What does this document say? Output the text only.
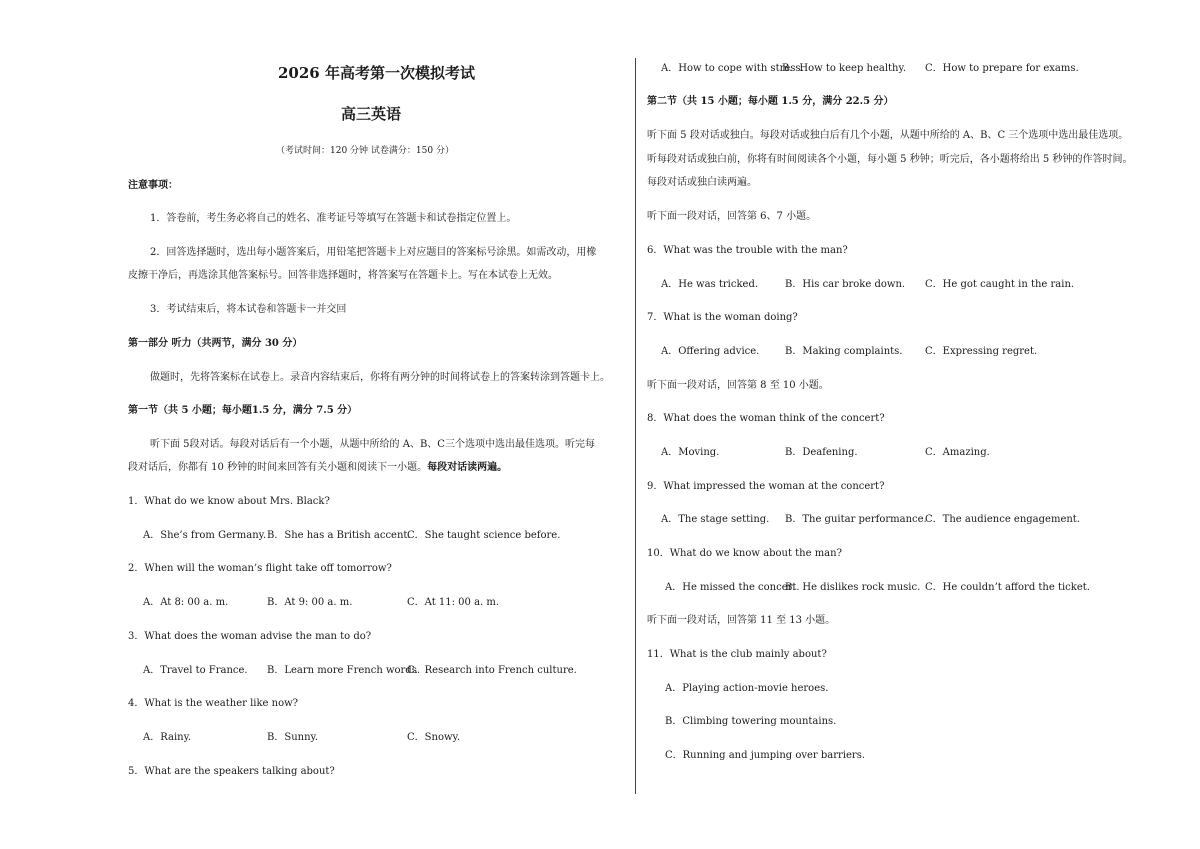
2026 年高考第一次模拟考试
高三英语
（考试时间：120 分钟 试卷满分：150 分）
注意事项：
1．答卷前，考生务必将自己的姓名、准考证号等填写在答题卡和试卷指定位置上。
2．回答选择题时，选出每小题答案后，用铅笔把答题卡上对应题目的答案标号涂黑。如需改动，用橡
皮擦干净后，再选涂其他答案标号。回答非选择题时，将答案写在答题卡上。写在本试卷上无效。
3．考试结束后，将本试卷和答题卡一并交回
第一部分 听力（共两节，满分 30 分）
做题时，先将答案标在试卷上。录音内容结束后，你将有两分钟的时间将试卷上的答案转涂到答题卡上。
第一节（共 5 小题；每小题1.5 分，满分 7.5 分）
听下面 5段对话。每段对话后有一个小题，从题中所给的 A、B、C三个选项中选出最佳选项。听完每
段对话后，你都有 10 秒钟的时间来回答有关小题和阅读下一小题。每段对话读两遍。
1．What do we know about Mrs. Black?
A．She’s from Germany. B．She has a British accent.
C．She taught science before.
2．When will the woman’s flight take off tomorrow?
A．At 8: 00 a. m.	B．At 9: 00 a. m.	C．At 11: 00 a. m.
3．What does the woman advise the man to do?
A．Travel to France. B．Learn more French words.
C．Research into French culture.
4．What is the weather like now?
A．Rainy.	B．Sunny.	C．Snowy.
5．What are the speakers talking about?
A．How to cope with stress.
B．How to keep healthy. C．How to prepare for exams.
第二节（共 15 小题；每小题 1.5 分，满分 22.5 分）
听下面 5 段对话或独白。每段对话或独白后有几个小题，从题中所给的 A、B、C 三个选项中选出最佳选项。
听每段对话或独白前，你将有时间阅读各个小题，每小题 5 秒钟；听完后，各小题将给出 5 秒钟的作答时间。
每段对话或独白读两遍。
听下面一段对话，回答第 6、7 小题。
6．What was the trouble with the man?
A．He was tricked.	B．His car broke down. C．He got caught in the rain.
7．What is the woman doing?
A．Offering advice.	B．Making complaints. C．Expressing regret.
听下面一段对话，回答第 8 至 10 小题。
8．What does the woman think of the concert?
A．Moving.	B．Deafening.	C．Amazing.
9．What impressed the woman at the concert?
A．The stage setting. B．The guitar performance.
C．The audience engagement.
10．What do we know about the man?
A．He missed the concert.
B．He dislikes rock music. C．He couldn’t afford the ticket.
听下面一段对话，回答第 11 至 13 小题。
11．What is the club mainly about?
A．Playing action-movie heroes.
B．Climbing towering mountains.
C．Running and jumping over barriers.
